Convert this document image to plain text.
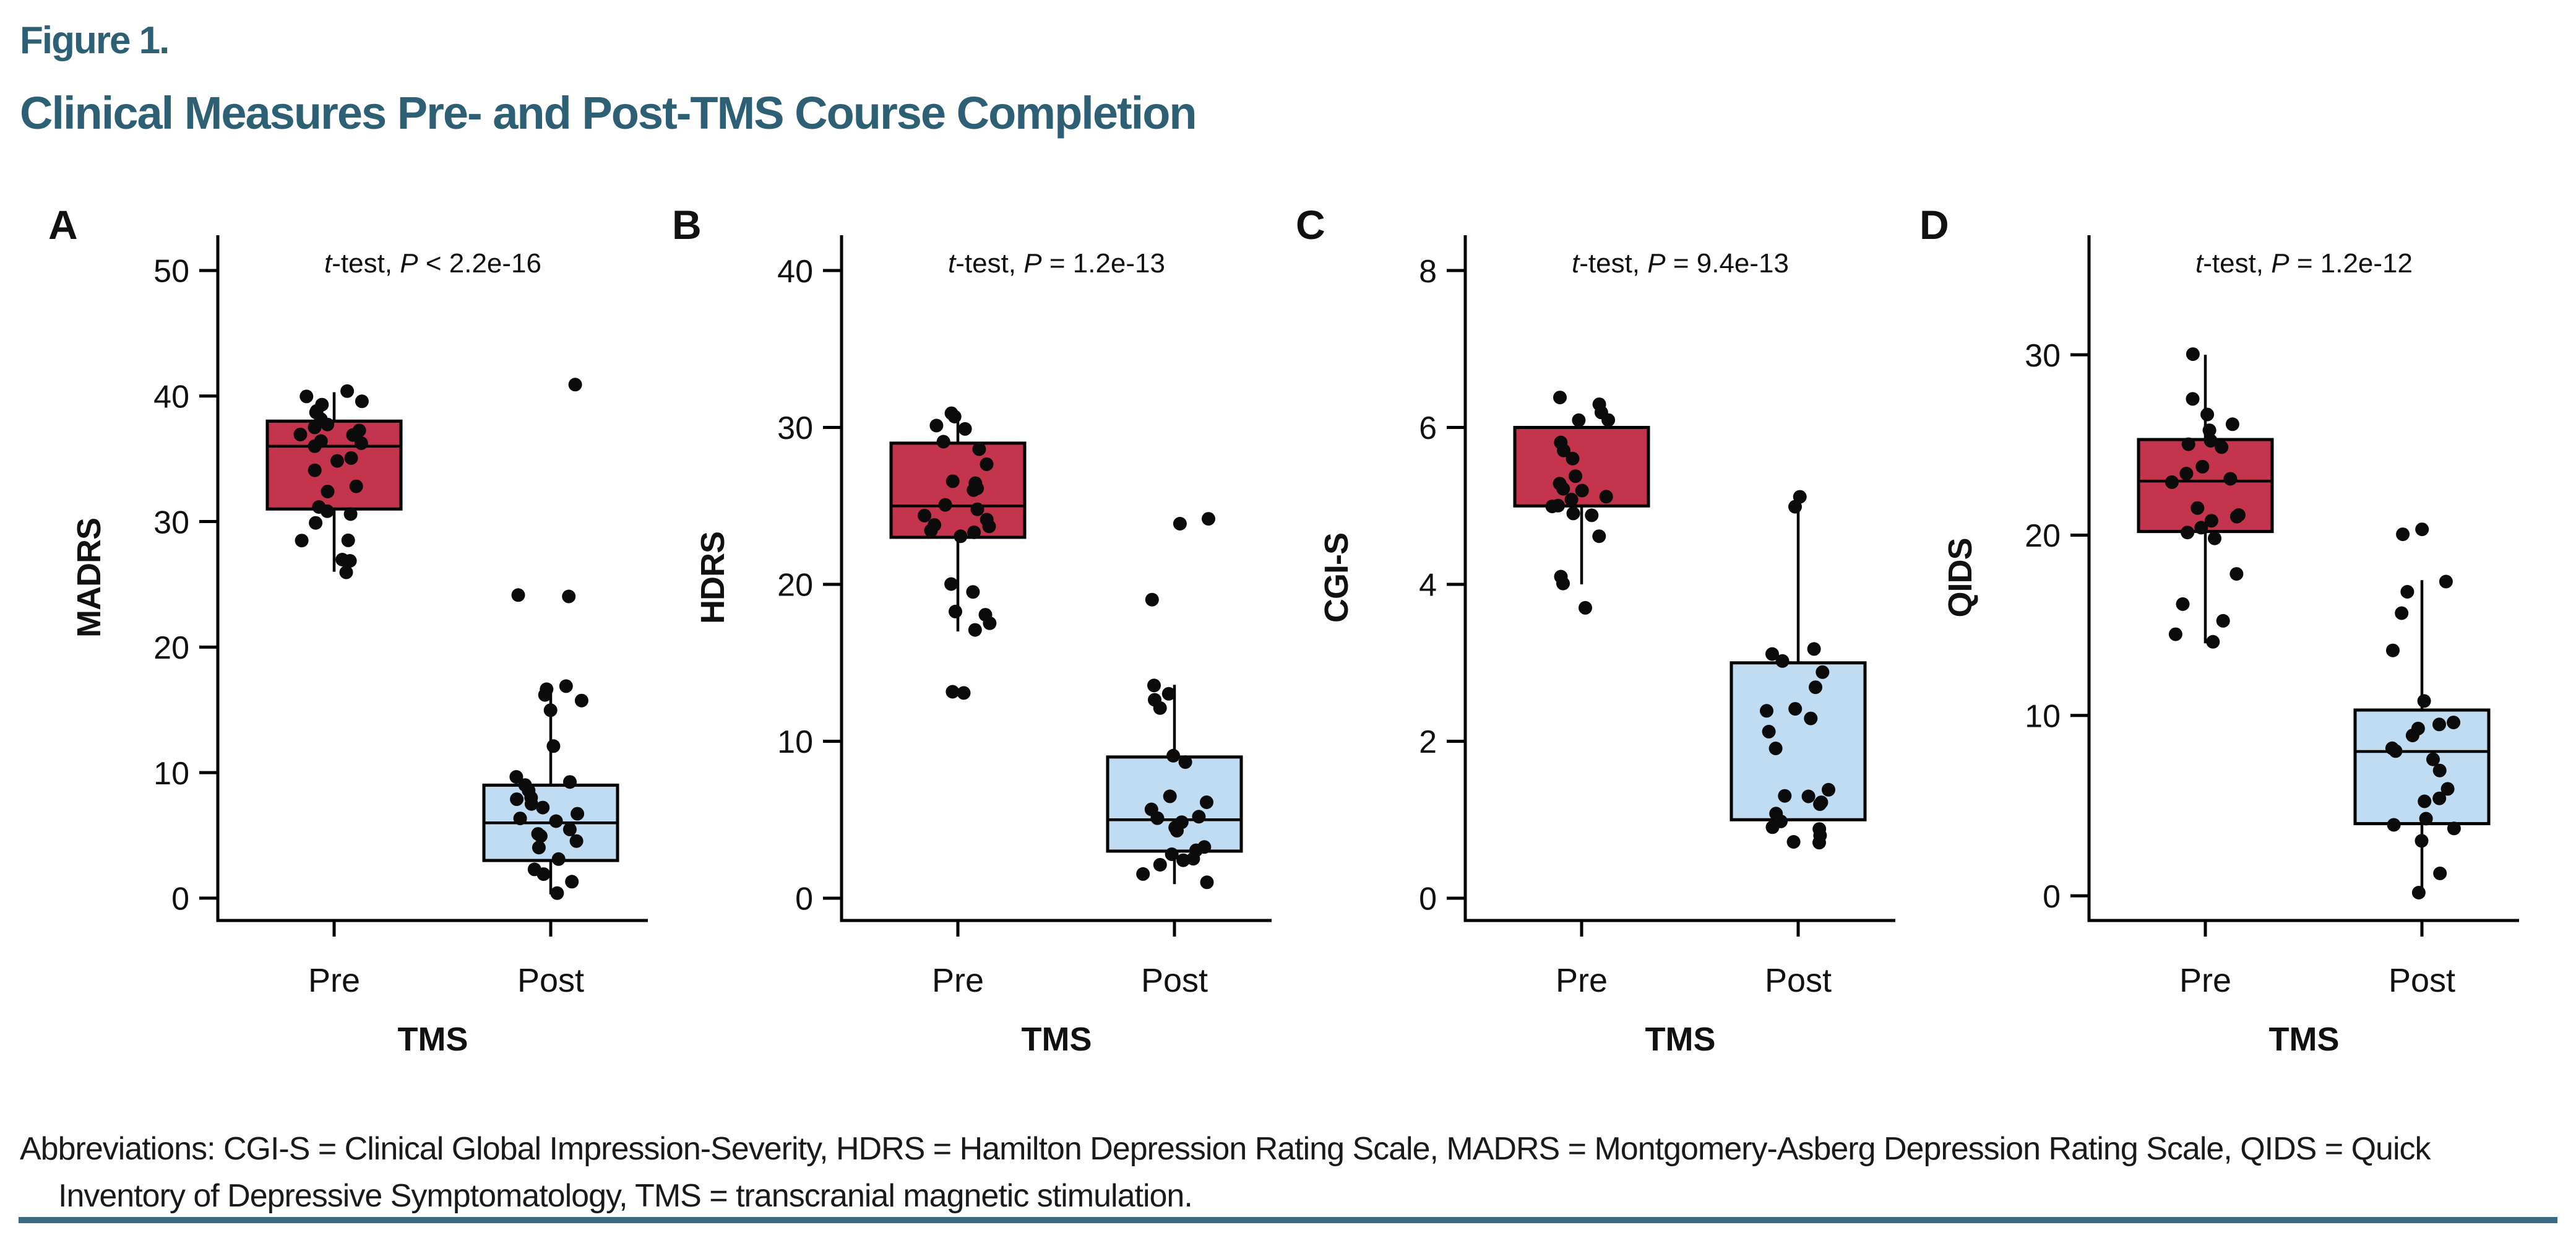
Figure 1.
Clinical Measures Pre- and Post-TMS Course Completion
A
0
10
20
30
40
50	t-test, P < 2.2e-16
Pre	Post
TMS
MADRS
B
0
10
20
30
40	t-test, P = 1.2e-13
Pre	Post
TMS
HDRS
C
0
2
4
6
8	t-test, P = 9.4e-13
Pre	Post
TMS
CGI-S
D
0
10
20
30
t-test, P = 1.2e-12
Pre	Post
TMS
QIDS
Abbreviations: CGI-S = Clinical Global Impression-Severity, HDRS = Hamilton Depression Rating Scale, MADRS = Montgomery-Asberg Depression Rating Scale, QIDS = Quick
Inventory of Depressive Symptomatology, TMS = transcranial magnetic stimulation.
